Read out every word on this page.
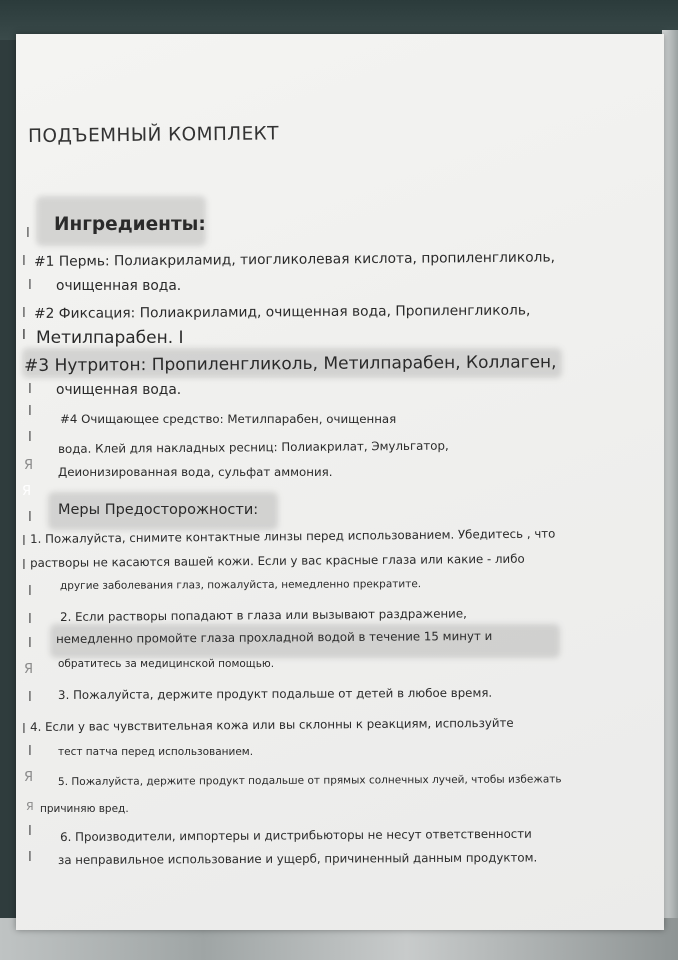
ПОДЪЕМНЫЙ КОМПЛЕКТ
Ингредиенты:
#1 Пермь: Полиакриламид, тиогликолевая кислота, пропиленгликоль,
очищенная вода.
#2 Фиксация: Полиакриламид, очищенная вода, Пропиленгликоль,
Метилпарабен. I
#3 Нутритон: Пропиленгликоль, Метилпарабен, Коллаген,
очищенная вода.
#4 Очищающее средство: Метилпарабен, очищенная
вода. Клей для накладных ресниц: Полиакрилат, Эмульгатор,
Деионизированная вода, сульфат аммония.
Меры Предосторожности:
1. Пожалуйста, снимите контактные линзы перед использованием. Убедитесь , что
растворы не касаются вашей кожи. Если у вас красные глаза или какие - либо
другие заболевания глаз, пожалуйста, немедленно прекратите.
2. Если растворы попадают в глаза или вызывают раздражение,
немедленно промойте глаза прохладной водой в течение 15 минут и
обратитесь за медицинской помощью.
3. Пожалуйста, держите продукт подальше от детей в любое время.
4. Если у вас чувствительная кожа или вы склонны к реакциям, используйте
тест патча перед использованием.
5. Пожалуйста, держите продукт подальше от прямых солнечных лучей, чтобы избежать
причиняю вред.
6. Производители, импортеры и дистрибьюторы не несут ответственности
за неправильное использование и ущерб, причиненный данным продуктом.
I
I
I
I
I
I
I
I
Я
Я
I
I
I
I
I
I
Я
I
I
I
Я
Я
I
I
